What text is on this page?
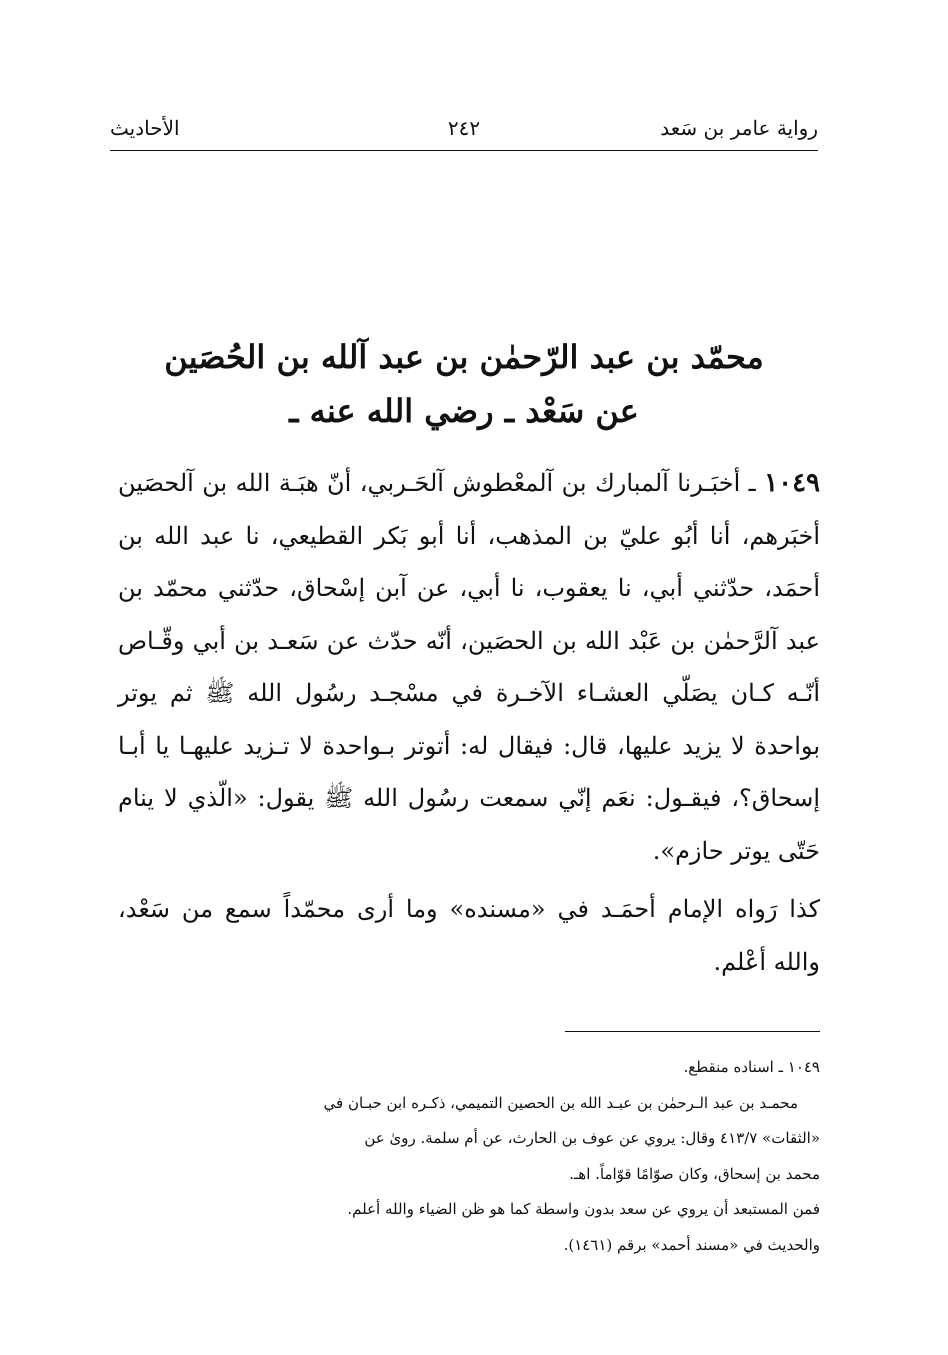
رواية عامر بن سَعد
٢٤٢
الأحاديث
محمّد بن عبد الرّحمٰن بن عبد آلله بن الحُصَين
عن سَعْد ـ رضي الله عنه ـ

١٠٤٩ ـ أخبَـرنا آلمبارك بن آلمعْطوش آلحَـربي، أنّ هبَـة الله بن آلحصَين أخبَرهم، أنا أبُو عليّ بن المذهب، أنا أبو بَكر القطيعي، نا عبد الله بن أحمَد، حدّثني أبي، نا يعقوب، نا أبي، عن آبن إسْحاق، حدّثني محمّد بن عبد آلرَّحمٰن بن عَبْد الله بن الحصَين، أنّه حدّث عن سَعـد بن أبي وقّـاص أنّـه كـان يصَلّي العشـاء الآخـرة في مسْجـد رسُول الله ﷺ ثم يوتر بواحدة لا يزيد عليها، قال: فيقال له: أتوتر بـواحدة لا تـزيد عليهـا يا أبـا إسحاق؟، فيقـول: نعَم إنّي سمعت رسُول الله ﷺ يقول: «الّذي لا ينام حَتّى يوتر حازم».

كذا رَواه الإمام أحمَـد في «مسنده» وما أرى محمّداً سمع من سَعْد، والله أعْلم.

١٠٤٩ ـ اسناده منقطع.

محمـد بن عبد الـرحمٰن بن عبـد الله بن الحصين التميمي، ذكـره ابن حبـان في

«الثقات» ٤١٣/٧ وقال: يروي عن عوف بن الحارث، عن أم سلمة. روىٰ عن

محمد بن إسحاق، وكان صوّامًا قوّاماً. اهـ.

فمن المستبعد أن يروي عن سعد بدون واسطة كما هو ظن الضياء والله أعلم.

والحديث في «مسند أحمد» برقم (١٤٦١).
